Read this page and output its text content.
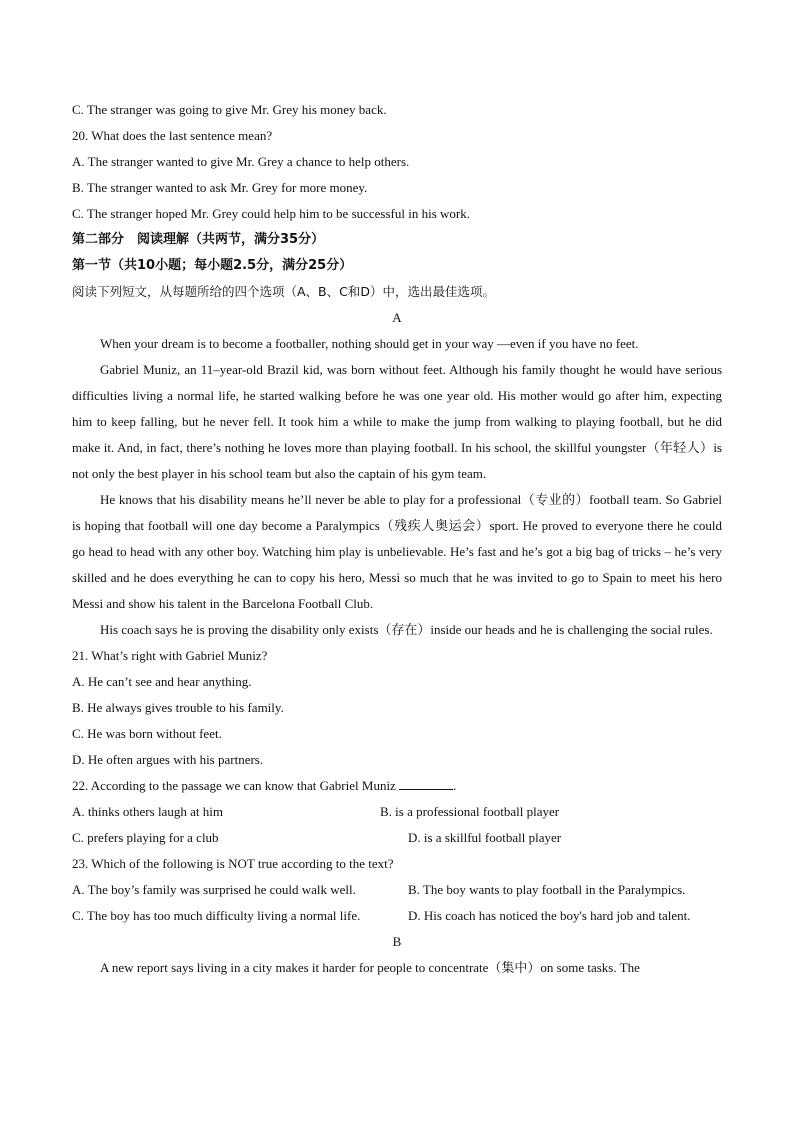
C. The stranger was going to give Mr. Grey his money back.
20. What does the last sentence mean?
A. The stranger wanted to give Mr. Grey a chance to help others.
B. The stranger wanted to ask Mr. Grey for more money.
C. The stranger hoped Mr. Grey could help him to be successful in his work.
第二部分　阅读理解（共两节，满分35分）
第一节（共10小题；每小题2.5分，满分25分）
阅读下列短文，从每题所给的四个选项（A、B、C和D）中，选出最佳选项。
A

When your dream is to become a footballer, nothing should get in your way —even if you have no feet.

Gabriel Muniz, an 11–year-old Brazil kid, was born without feet. Although his family thought he would have serious difficulties living a normal life, he started walking before he was one year old. His mother would go after him, expecting him to keep falling, but he never fell. It took him a while to make the jump from walking to playing football, but he did make it. And, in fact, there’s nothing he loves more than playing football. In his school, the skillful youngster（年轻人）is not only the best player in his school team but also the captain of his gym team.

He knows that his disability means he’ll never be able to play for a professional（专业的）football team. So Gabriel is hoping that football will one day become a Paralympics（残疾人奥运会）sport. He proved to everyone there he could go head to head with any other boy. Watching him play is unbelievable. He’s fast and he’s got a big bag of tricks – he’s very skilled and he does everything he can to copy his hero, Messi so much that he was invited to go to Spain to meet his hero Messi and show his talent in the Barcelona Football Club.

His coach says he is proving the disability only exists（存在）inside our heads and he is challenging the social rules.

21. What’s right with Gabriel Muniz?
A. He can’t see and hear anything.
B. He always gives trouble to his family.
C. He was born without feet.
D. He often argues with his partners.
22. According to the passage we can know that Gabriel Muniz	.
A. thinks others laugh at him	B. is a professional football player
C. prefers playing for a club	D. is a skillful football player
23. Which of the following is NOT true according to the text?
A. The boy’s family was surprised he could walk well.	B. The boy wants to play football in the Paralympics.
C. The boy has too much difficulty living a normal life.	D. His coach has noticed the boy's hard job and talent.
B

A new report says living in a city makes it harder for people to concentrate（集中）on some tasks. The
